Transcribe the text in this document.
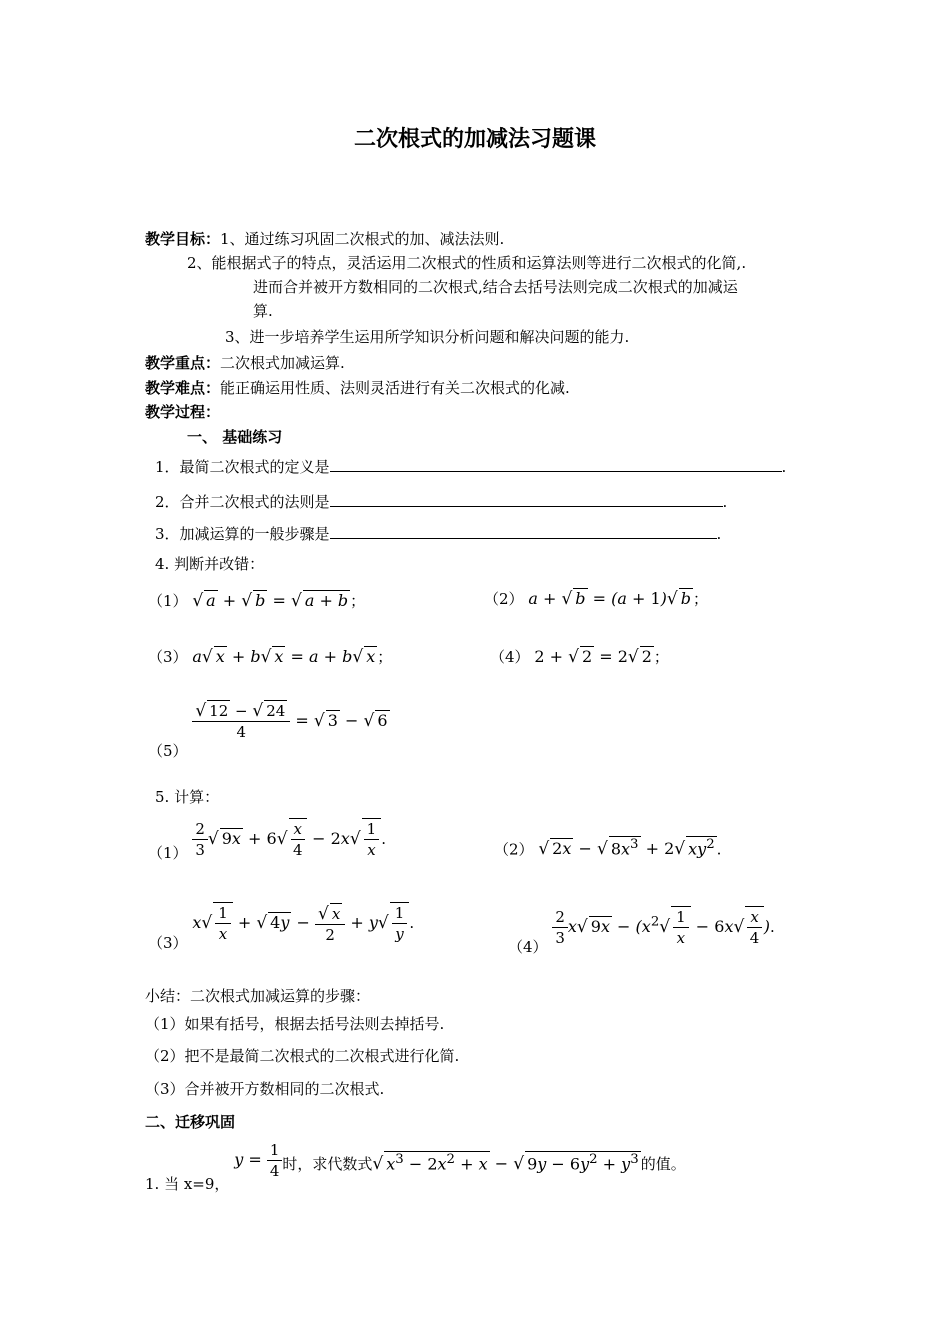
二次根式的加减法习题课
教学目标：1、通过练习巩固二次根式的加、减法法则.
2、能根据式子的特点，灵活运用二次根式的性质和运算法则等进行二次根式的化简,.
进而合并被开方数相同的二次根式,结合去括号法则完成二次根式的加减运
算.
3、进一步培养学生运用所学知识分析问题和解决问题的能力.
教学重点：二次根式加减运算.
教学难点：能正确运用性质、法则灵活进行有关二次根式的化减.
教学过程：
一、 基础练习
1．最简二次根式的定义是	.
2．合并二次根式的法则是	.
3．加减运算的一般步骤是	.
4. 判断并改错：
（1） √ a + √ b = √ a + b ；	（2） a + √ b = (a + 1)√ b ；
（3） a√ x + b√ x = a + b√ x ；	（4） 2 + √ 2 = 2√ 2 ；
（5）
$\frac{√ 12 - √ 24}{4}$ = √ 3 − √ 6
5. 计算：
$(1) \frac{2}{3}$ √ $9x + 6√ \frac{x}{4} - 2x√ \frac{1}{x}$ .
（2） √ 2x − √ $8x^3 + 2√$ $xy^2$ .
（3） $x√ \frac{1}{x}$ + √ $4y - \frac{√ x}{2} + y√ \frac{1}{y}$ .
$(4) \frac{2}{3} x√$ $9x - (x^2√ \frac{1}{x} - 6x√ \frac{x}{4}$ ).
小结：二次根式加减运算的步骤：
（1）如果有括号，根据去括号法则去掉括号.
（2）把不是最简二次根式的二次根式进行化简.
（3）合并被开方数相同的二次根式.
二、迁移巩固
1. 当 x=9， $y = \frac{1}{4}$ 时，求代数式√ $x^3 - 2x^2 + x$ − √ $9y - 6y^2 + y^3$ 的值。
